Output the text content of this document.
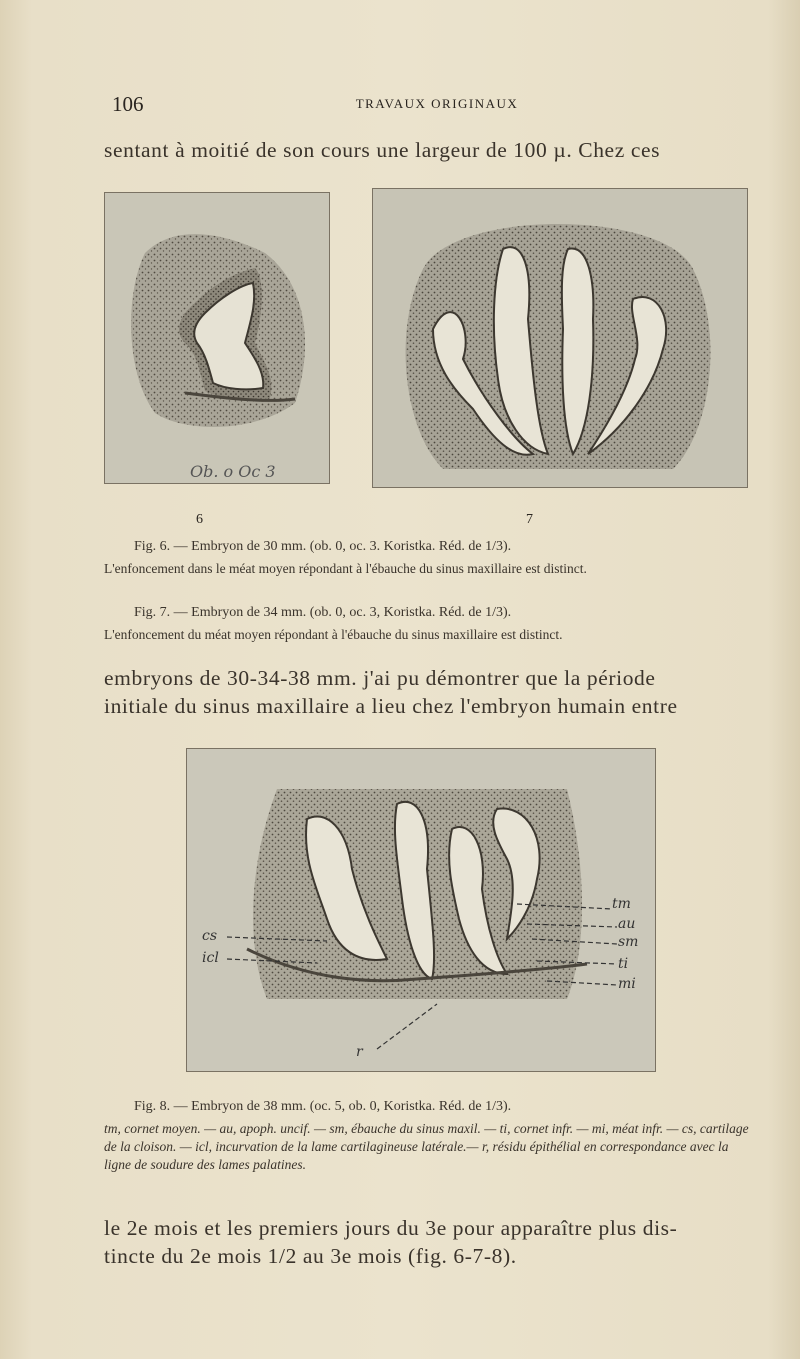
106	TRAVAUX ORIGINAUX
sentant à moitié de son cours une largeur de 100 µ. Chez ces
Ob. o Oc 3
6	7
Fig. 6. — Embryon de 30 mm. (ob. 0, oc. 3. Koristka. Réd. de 1/3).
L'enfoncement dans le méat moyen répondant à l'ébauche du sinus maxillaire est distinct.
Fig. 7. — Embryon de 34 mm. (ob. 0, oc. 3, Koristka. Réd. de 1/3).
L'enfoncement du méat moyen répondant à l'ébauche du sinus maxillaire est distinct.
embryons de 30-34-38 mm. j'ai pu démontrer que la période
initiale du sinus maxillaire a lieu chez l'embryon humain entre
tm
au
sm
ti
mi
cs
icl
r
Fig. 8. — Embryon de 38 mm. (oc. 5, ob. 0, Koristka. Réd. de 1/3).
tm, cornet moyen. — au, apoph. uncif. — sm, ébauche du sinus maxil. — ti, cornet infr. — mi, méat infr. — cs, cartilage de la cloison. — icl, incurvation de la lame cartilagineuse latérale.— r, résidu épithélial en correspondance avec la ligne de soudure des lames palatines.
le 2e mois et les premiers jours du 3e pour apparaître plus dis-
tincte du 2e mois 1/2 au 3e mois (fig. 6-7-8).
